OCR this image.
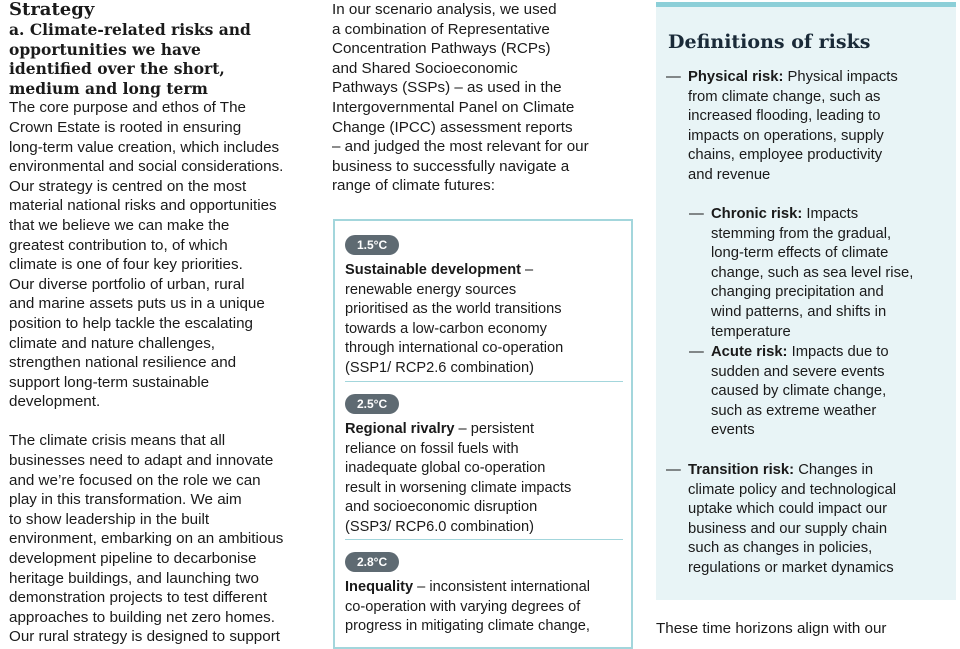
Strategy
a. Climate-related risks and
opportunities we have
identified over the short,
medium and long term
The core purpose and ethos of The
Crown Estate is rooted in ensuring
long-term value creation, which includes
environmental and social considerations.
Our strategy is centred on the most
material national risks and opportunities
that we believe we can make the
greatest contribution to, of which
climate is one of four key priorities.
Our diverse portfolio of urban, rural
and marine assets puts us in a unique
position to help tackle the escalating
climate and nature challenges,
strengthen national resilience and
support long-term sustainable
development.
The climate crisis means that all
businesses need to adapt and innovate
and we’re focused on the role we can
play in this transformation. We aim
to show leadership in the built
environment, embarking on an ambitious
development pipeline to decarbonise
heritage buildings, and launching two
demonstration projects to test different
approaches to building net zero homes.
Our rural strategy is designed to support
In our scenario analysis, we used
a combination of Representative
Concentration Pathways (RCPs)
and Shared Socioeconomic
Pathways (SSPs) – as used in the
Intergovernmental Panel on Climate
Change (IPCC) assessment reports
– and judged the most relevant for our
business to successfully navigate a
range of climate futures:
1.5°C
Sustainable development –
renewable energy sources
prioritised as the world transitions
towards a low-carbon economy
through international co-operation
(SSP1/ RCP2.6 combination)
2.5°C
Regional rivalry – persistent
reliance on fossil fuels with
inadequate global co-operation
result in worsening climate impacts
and socioeconomic disruption
(SSP3/ RCP6.0 combination)
2.8°C
Inequality – inconsistent international
co-operation with varying degrees of
progress in mitigating climate change,
Definitions of risks
— Physical risk: Physical impacts
from climate change, such as
increased flooding, leading to
impacts on operations, supply
chains, employee productivity
and revenue
— Chronic risk: Impacts
stemming from the gradual,
long-term effects of climate
change, such as sea level rise,
changing precipitation and
wind patterns, and shifts in
temperature
— Acute risk: Impacts due to
sudden and severe events
caused by climate change,
such as extreme weather
events
— Transition risk: Changes in
climate policy and technological
uptake which could impact our
business and our supply chain
such as changes in policies,
regulations or market dynamics
These time horizons align with our
